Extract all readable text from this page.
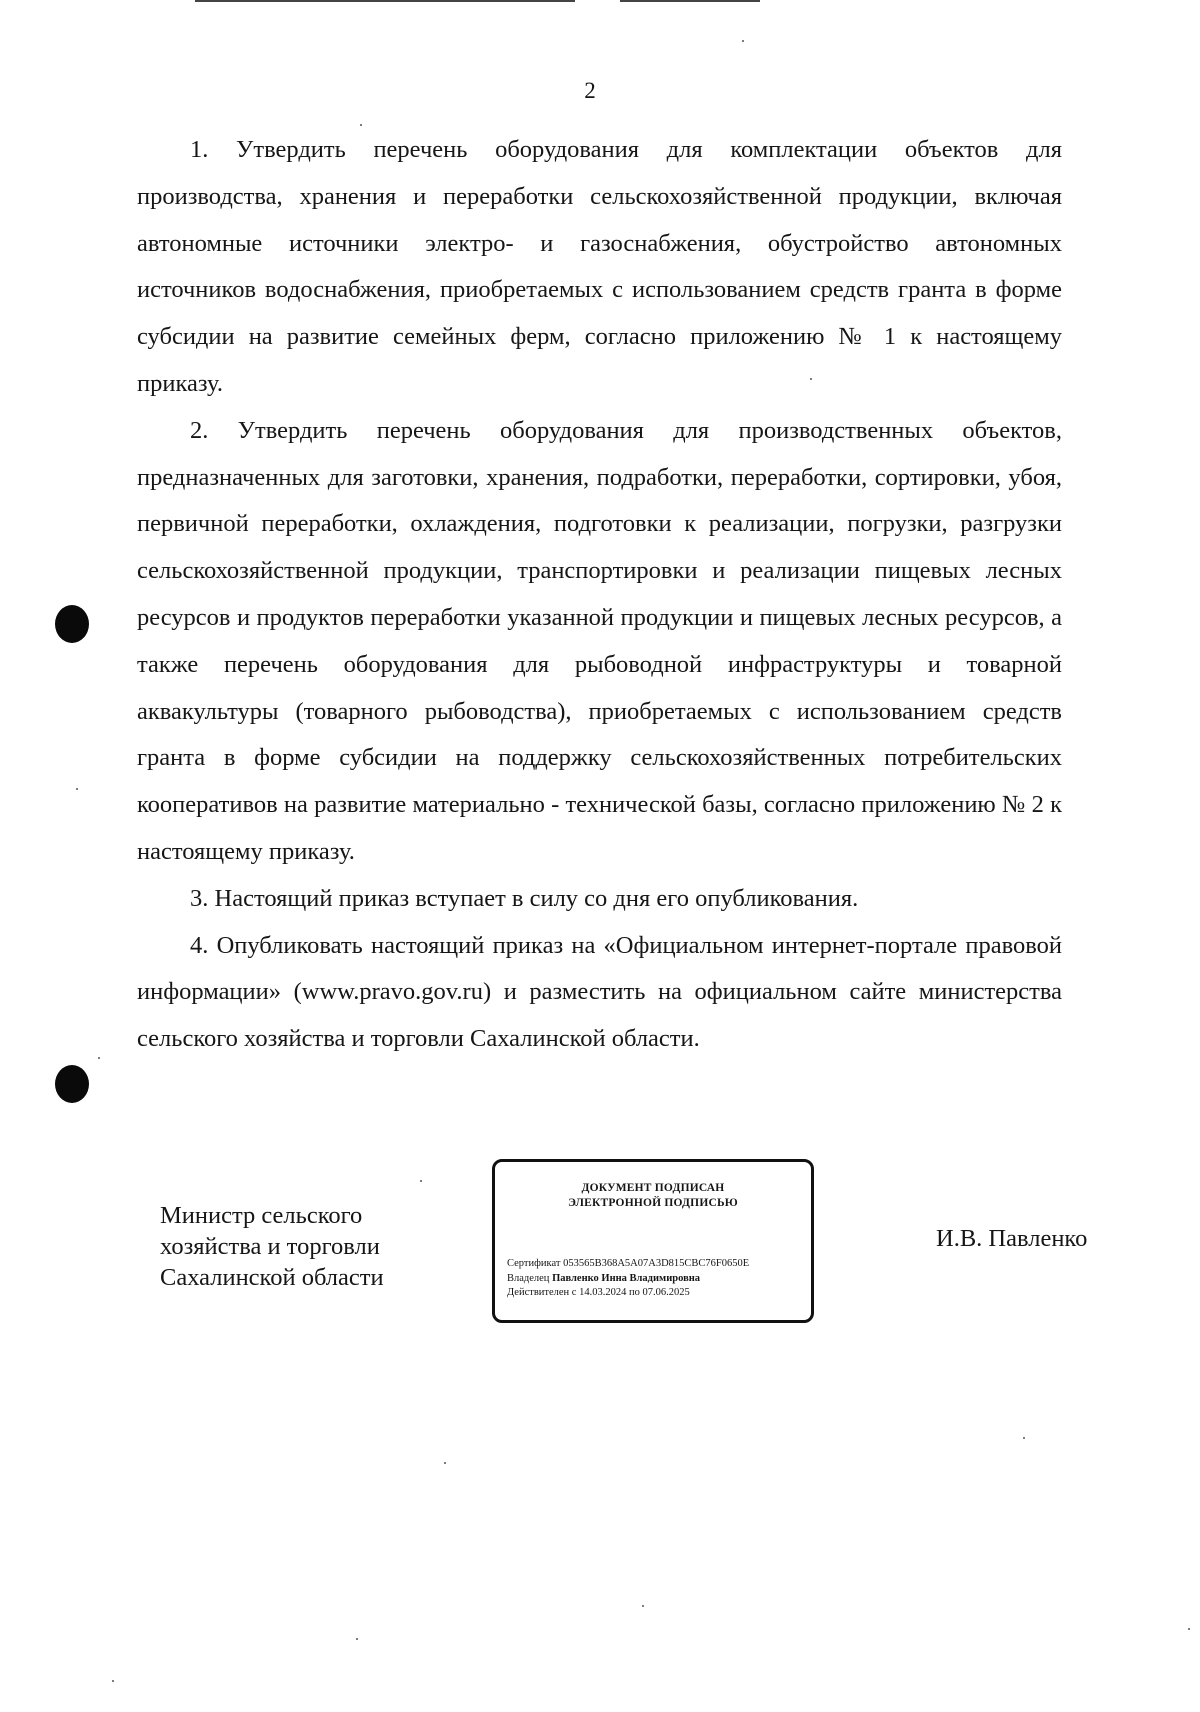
2

1. Утвердить перечень оборудования для комплектации объектов для производства, хранения и переработки сельскохозяйственной продукции, включая автономные источники электро- и газоснабжения, обустройство автономных источников водоснабжения, приобретаемых с использованием средств гранта в форме субсидии на развитие семейных ферм, согласно приложению № 1 к настоящему приказу.

2. Утвердить перечень оборудования для производственных объектов, предназначенных для заготовки, хранения, подработки, переработки, сортировки, убоя, первичной переработки, охлаждения, подготовки к реализации, погрузки, разгрузки сельскохозяйственной продукции, транспортировки и реализации пищевых лесных ресурсов и продуктов переработки указанной продукции и пищевых лесных ресурсов, а также перечень оборудования для рыбоводной инфраструктуры и товарной аквакультуры (товарного рыбоводства), приобретаемых с использованием средств гранта в форме субсидии на поддержку сельскохозяйственных потребительских кооперативов на развитие материально - технической базы, согласно приложению № 2 к настоящему приказу.

3. Настоящий приказ вступает в силу со дня его опубликования.

4. Опубликовать настоящий приказ на «Официальном интернет-портале правовой информации» (www.pravo.gov.ru) и разместить на официальном сайте министерства сельского хозяйства и торговли Сахалинской области.

Министр сельского
хозяйства и торговли
Сахалинской области
ДОКУМЕНТ ПОДПИСАН
ЭЛЕКТРОННОЙ ПОДПИСЬЮ
Сертификат 053565B368A5A07A3D815CBC76F0650E
Владелец Павленко Инна Владимировна
Действителен с 14.03.2024 по 07.06.2025
И.В. Павленко
